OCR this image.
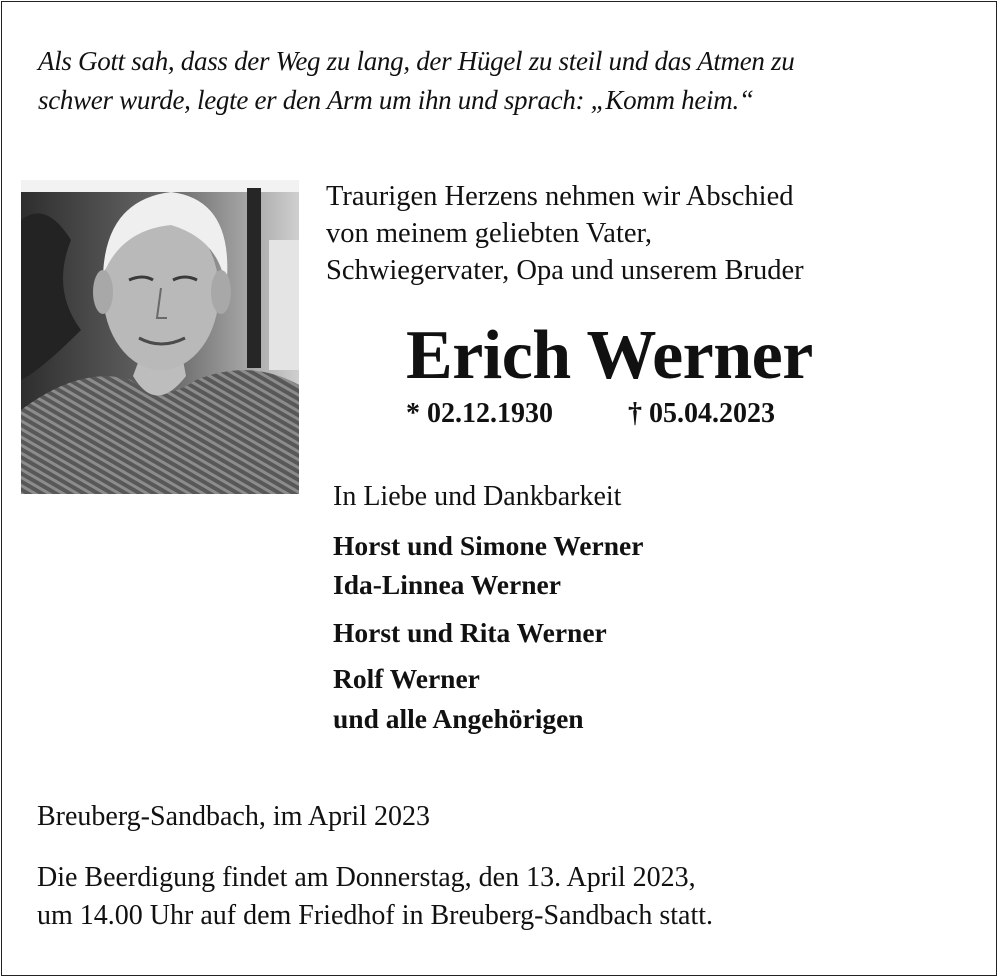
Als Gott sah, dass der Weg zu lang, der Hügel zu steil und das Atmen zu
schwer wurde, legte er den Arm um ihn und sprach: „Komm heim.“
Traurigen Herzens nehmen wir Abschied
von meinem geliebten Vater,
Schwiegervater, Opa und unserem Bruder
Erich Werner
* 02.12.1930	† 05.04.2023
In Liebe und Dankbarkeit
Horst und Simone Werner
Ida-Linnea Werner
Horst und Rita Werner
Rolf Werner
und alle Angehörigen
Breuberg-Sandbach, im April 2023
Die Beerdigung findet am Donnerstag, den 13. April 2023,
um 14.00 Uhr auf dem Friedhof in Breuberg-Sandbach statt.
